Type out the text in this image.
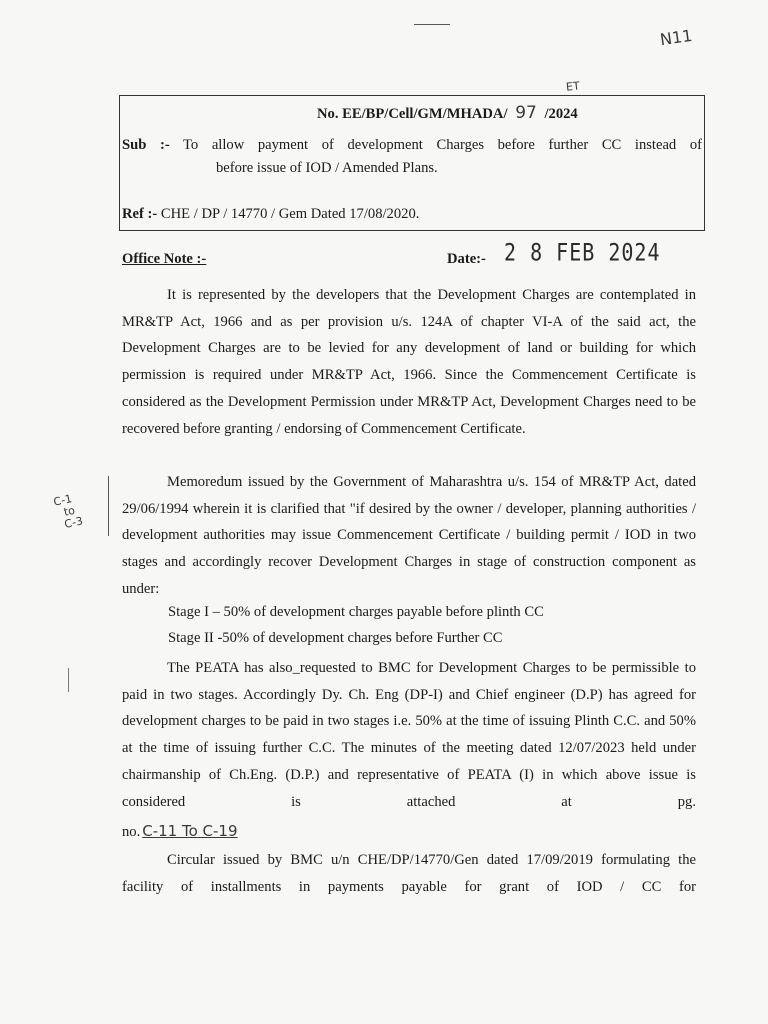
N11
ET
No. EE/BP/Cell/GM/MHADA/ 97 /2024
Sub :- To allow payment of development Charges before further CC instead of
before issue of IOD / Amended Plans.
Ref :- CHE / DP / 14770 / Gem Dated 17/08/2020.
Office Note :-	Date:- 2 8 FEB 2024
It is represented by the developers that the Development Charges are contemplated in MR&TP Act, 1966 and as per provision u/s. 124A of chapter VI-A of the said act, the Development Charges are to be levied for any development of land or building for which permission is required under MR&TP Act, 1966. Since the Commencement Certificate is considered as the Development Permission under MR&TP Act, Development Charges need to be recovered before granting / endorsing of Commencement Certificate.
C-1
to
C-3
Memoredum issued by the Government of Maharashtra u/s. 154 of MR&TP Act, dated 29/06/1994 wherein it is clarified that "if desired by the owner / developer, planning authorities / development authorities may issue Commencement Certificate / building permit / IOD in two stages and accordingly recover Development Charges in stage of construction component as under:
Stage I – 50% of development charges payable before plinth CC
Stage II -50% of development charges before Further CC
The PEATA has also_requested to BMC for Development Charges to be permissible to paid in two stages. Accordingly Dy. Ch. Eng (DP-I) and Chief engineer (D.P) has agreed for development charges to be paid in two stages i.e. 50% at the time of issuing Plinth C.C. and 50% at the time of issuing further C.C. The minutes of the meeting dated 12/07/2023 held under chairmanship of Ch.Eng. (D.P.) and representative of PEATA (I) in which above issue is considered is attached at pg.
no. C-11 To C-19
Circular issued by BMC u/n CHE/DP/14770/Gen dated 17/09/2019 formulating the facility of installments in payments payable for grant of IOD / CC for
